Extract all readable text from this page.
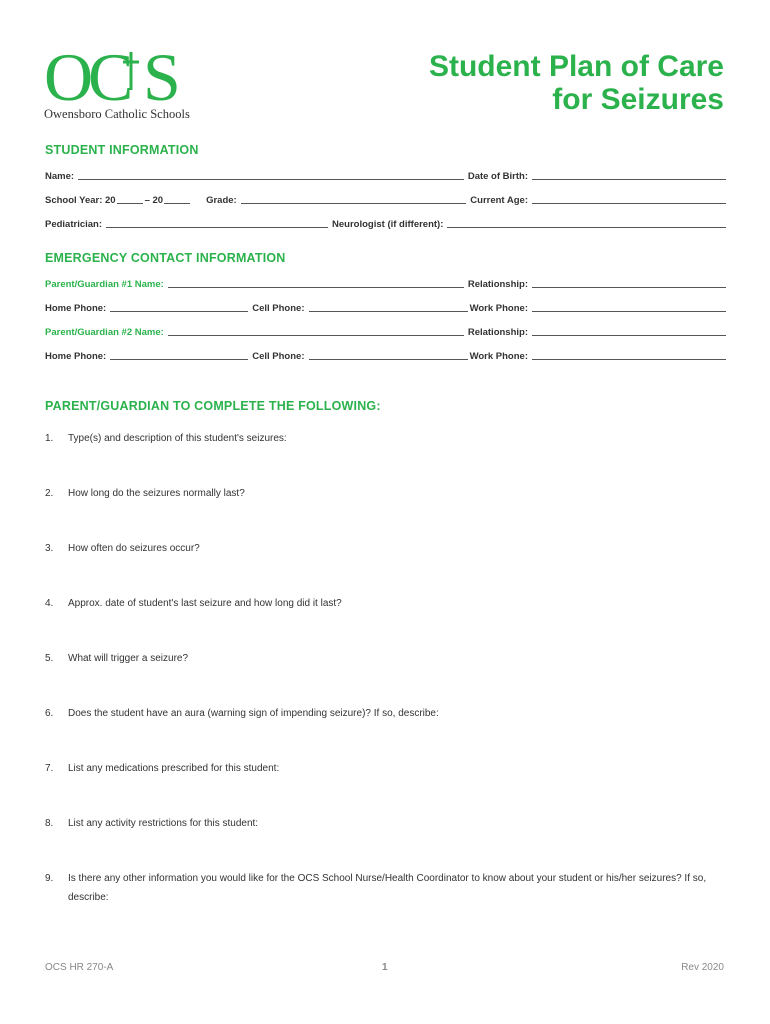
O
C S
Owensboro Catholic Schools
Student Plan of Care
for Seizures
STUDENT INFORMATION
Name:	Date of Birth:
School Year: 20	– 20	Grade:	Current Age:
Pediatrician:	Neurologist (if different):
EMERGENCY CONTACT INFORMATION
Parent/Guardian #1 Name:	Relationship:
Home Phone:	Cell Phone:	Work Phone:
Parent/Guardian #2 Name:	Relationship:
Home Phone:	Cell Phone:	Work Phone:
PARENT/GUARDIAN TO COMPLETE THE FOLLOWING:
1.	Type(s) and description of this student's seizures:
2.	How long do the seizures normally last?
3.	How often do seizures occur?
4.	Approx. date of student's last seizure and how long did it last?
5.	What will trigger a seizure?
6.	Does the student have an aura (warning sign of impending seizure)? If so, describe:
7.	List any medications prescribed for this student:
8.	List any activity restrictions for this student:
9.	Is there any other information you would like for the OCS School Nurse/Health Coordinator to know about your student or his/her seizures? If so, describe:
OCS HR 270-A	1	Rev 2020
